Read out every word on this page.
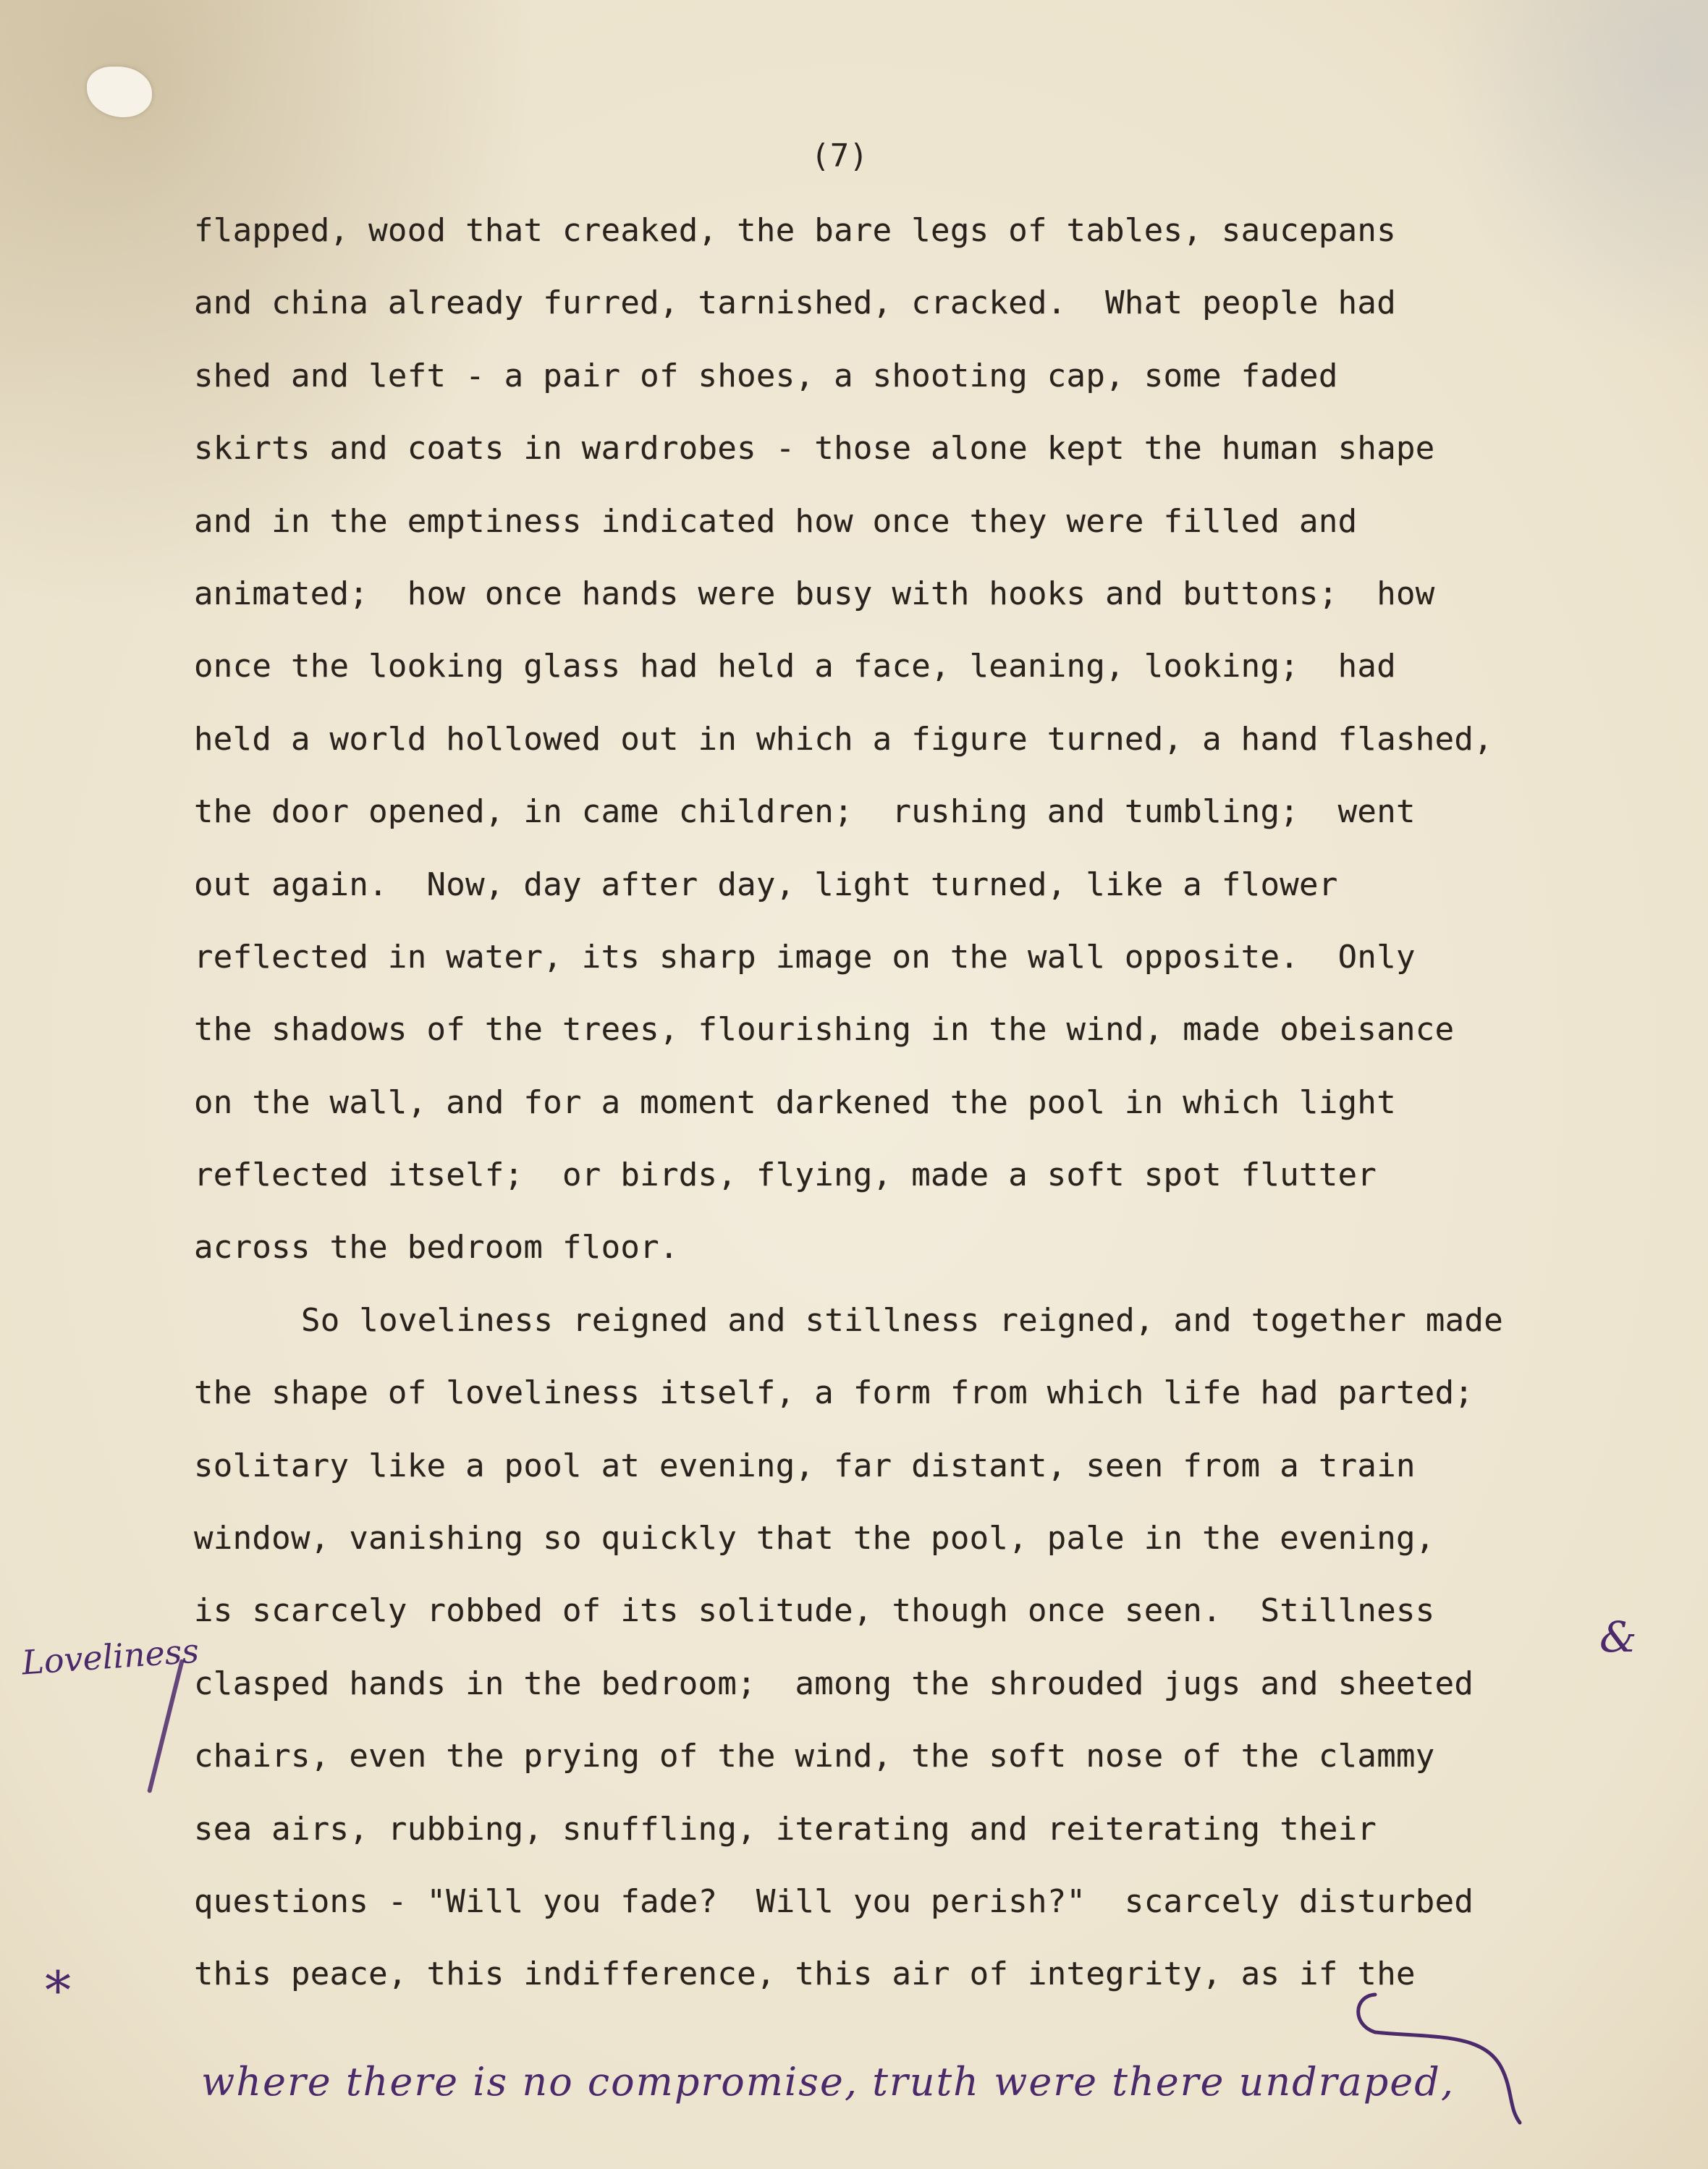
(7)
flapped, wood that creaked, the bare legs of tables, saucepans
and china already furred, tarnished, cracked.  What people had
shed and left - a pair of shoes, a shooting cap, some faded
skirts and coats in wardrobes - those alone kept the human shape
and in the emptiness indicated how once they were filled and
animated;  how once hands were busy with hooks and buttons;  how
once the looking glass had held a face, leaning, looking;  had
held a world hollowed out in which a figure turned, a hand flashed,
the door opened, in came children;  rushing and tumbling;  went
out again.  Now, day after day, light turned, like a flower
reflected in water, its sharp image on the wall opposite.  Only
the shadows of the trees, flourishing in the wind, made obeisance
on the wall, and for a moment darkened the pool in which light
reflected itself;  or birds, flying, made a soft spot flutter
across the bedroom floor.
So loveliness reigned and stillness reigned, and together made
the shape of loveliness itself, a form from which life had parted;
solitary like a pool at evening, far distant, seen from a train
window, vanishing so quickly that the pool, pale in the evening,
is scarcely robbed of its solitude, though once seen.  Stillness
clasped hands in the bedroom;  among the shrouded jugs and sheeted
chairs, even the prying of the wind, the soft nose of the clammy
sea airs, rubbing, snuffling, iterating and reiterating their
questions - "Will you fade?  Will you perish?"  scarcely disturbed
this peace, this indifference, this air of integrity, as if the
Loveliness	&
*
where there is no compromise, truth were there undraped,
